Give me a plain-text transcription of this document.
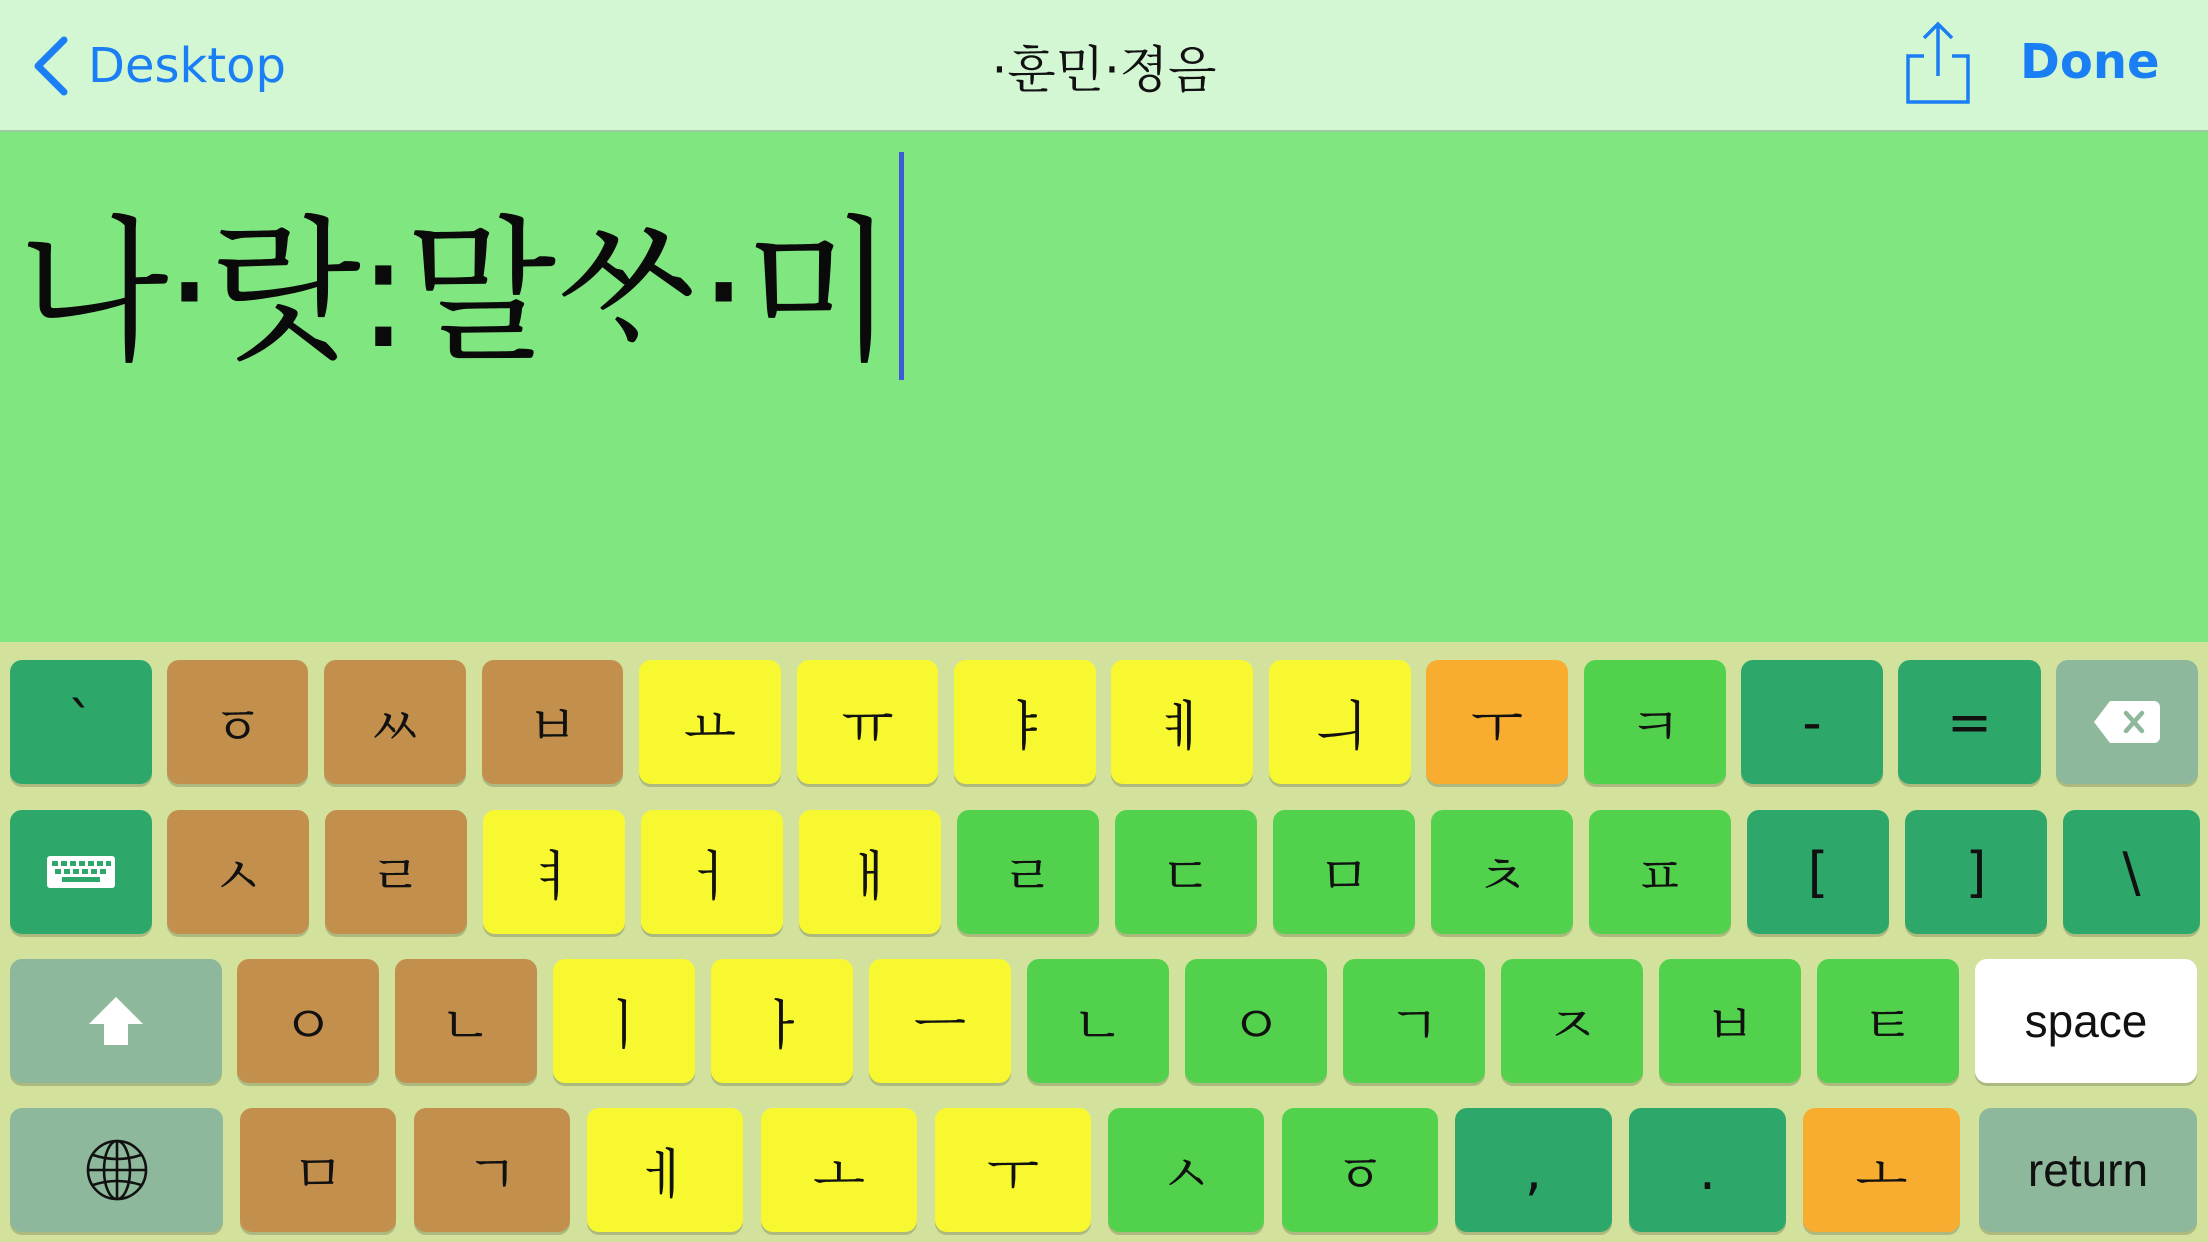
Desktop	·훈민·졍음	Done
나·랏:말ᄊᆞ·미
` ㆆ ㅆ ㅂ ㅛ ㅠ ㅑ ㅖ ㅢ ㅜ ㅋ - =
ㅅ ㄹ ㅕ ㅓ ㅐ ㄹ ㄷ ㅁ ㅊ ㅍ [	]	\
ㅇ ㄴ ㅣ ㅏ ㅡ ㄴ ㅇ ㄱ ㅈ ㅂ ㅌ space
ㅁ ㄱ ㅔ ㅗ ㅜ ㅅ ㆆ	,	.	ㅗ	return
